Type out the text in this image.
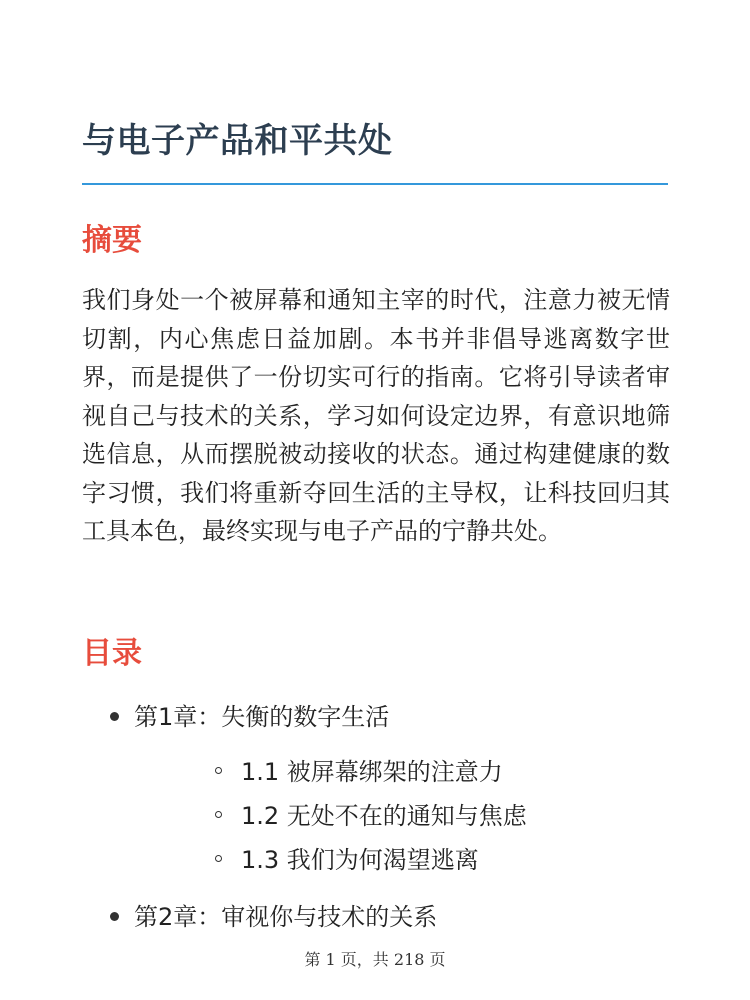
与电子产品和平共处
摘要

我们身处一个被屏幕和通知主宰的时代，注意力被无情切割，内心焦虑日益加剧。本书并非倡导逃离数字世界，而是提供了一份切实可行的指南。它将引导读者审视自己与技术的关系，学习如何设定边界，有意识地筛选信息，从而摆脱被动接收的状态。通过构建健康的数字习惯，我们将重新夺回生活的主导权，让科技回归其工具本色，最终实现与电子产品的宁静共处。

目录
第1章：失衡的数字生活
1.1 被屏幕绑架的注意力
1.2 无处不在的通知与焦虑
1.3 我们为何渴望逃离
第2章：审视你与技术的关系
第 1 页，共 218 页
